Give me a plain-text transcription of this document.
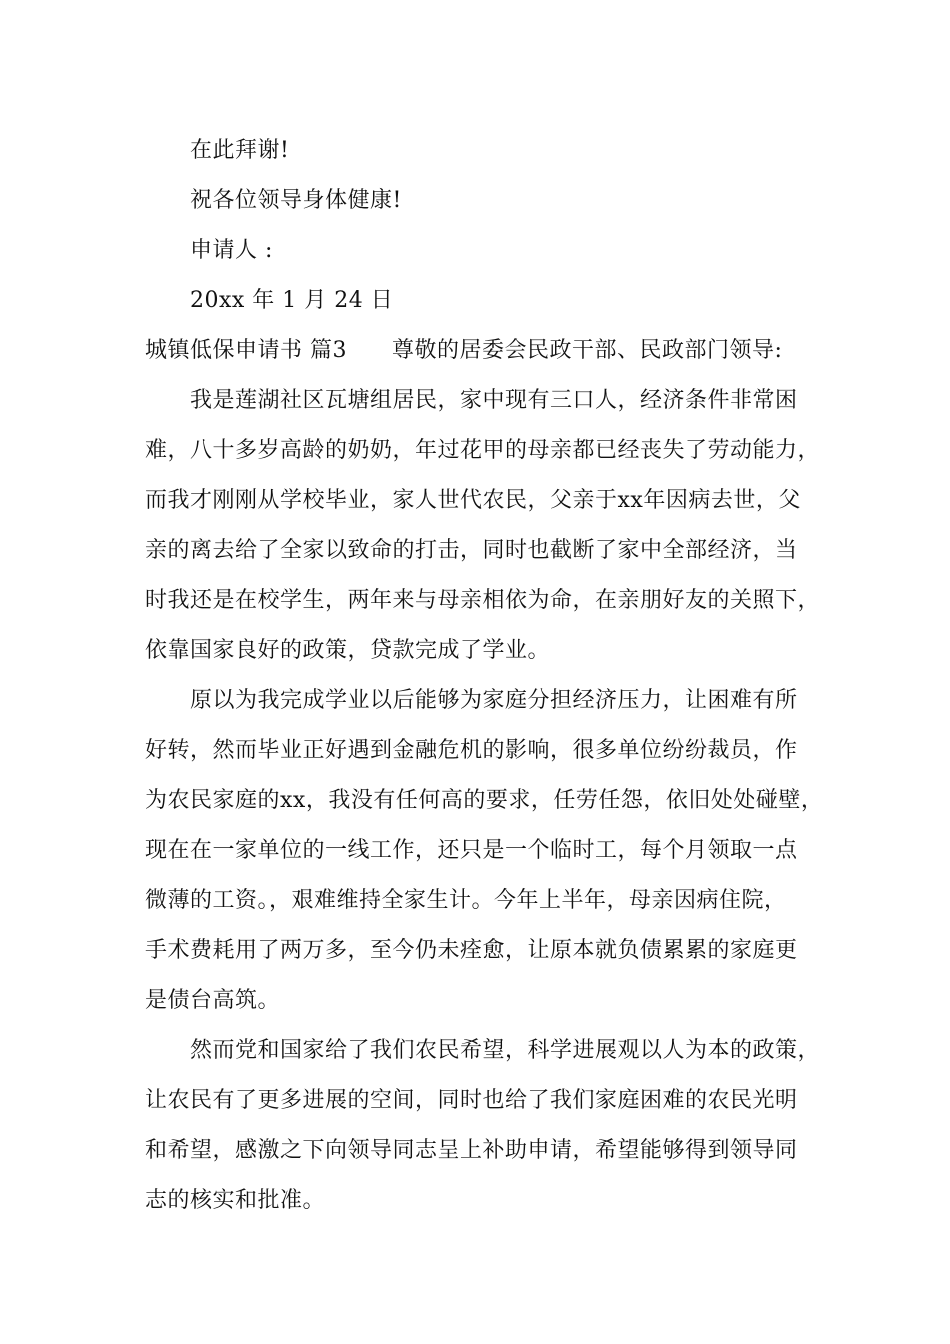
在此拜谢!
祝各位领导身体健康!
申请人 :
20xx 年 1 月 24 日
城镇低保申请书 篇3　　尊敬的居委会民政干部、民政部门领导:
我是莲湖社区瓦塘组居民，家中现有三口人，经济条件非常困
难，八十多岁高龄的奶奶，年过花甲的母亲都已经丧失了劳动能力，
而我才刚刚从学校毕业，家人世代农民，父亲于xx年因病去世，父
亲的离去给了全家以致命的打击，同时也截断了家中全部经济，当
时我还是在校学生，两年来与母亲相依为命，在亲朋好友的关照下，
依靠国家良好的政策，贷款完成了学业。
原以为我完成学业以后能够为家庭分担经济压力，让困难有所
好转，然而毕业正好遇到金融危机的影响，很多单位纷纷裁员，作
为农民家庭的xx，我没有任何高的要求，任劳任怨，依旧处处碰壁，
现在在一家单位的一线工作，还只是一个临时工，每个月领取一点
微薄的工资。，艰难维持全家生计。今年上半年，母亲因病住院，
手术费耗用了两万多，至今仍未痊愈，让原本就负债累累的家庭更
是债台高筑。
然而党和国家给了我们农民希望，科学进展观以人为本的政策，
让农民有了更多进展的空间，同时也给了我们家庭困难的农民光明
和希望，感激之下向领导同志呈上补助申请，希望能够得到领导同
志的核实和批准。
